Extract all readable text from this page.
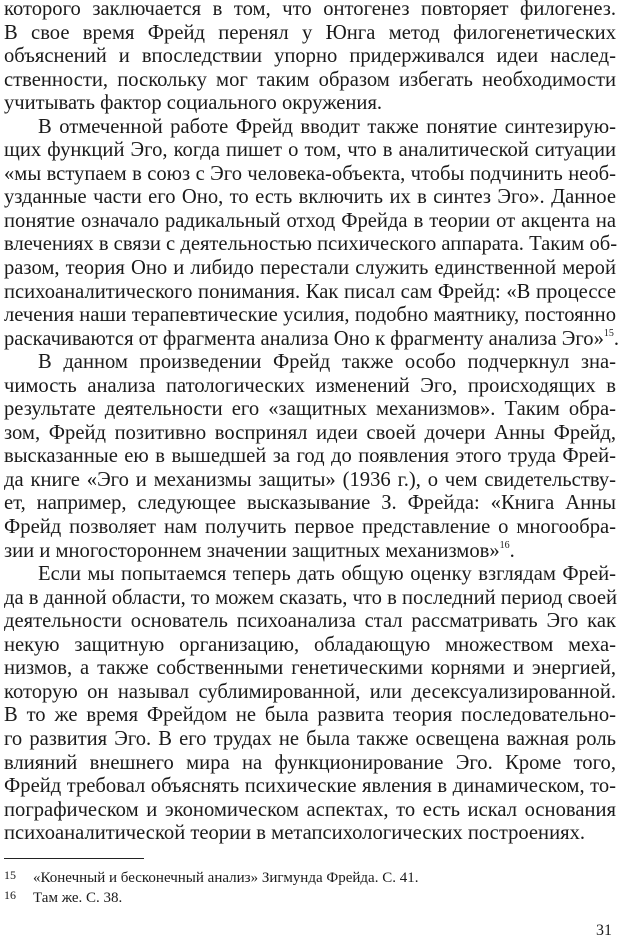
которого заключается в том, что онтогенез повторяет филогенез.
В свое время Фрейд перенял у Юнга метод филогенетических
объяснений и впоследствии упорно придерживался идеи наслед-
ственности, поскольку мог таким образом избегать необходимости
учитывать фактор социального окружения.
В отмеченной работе Фрейд вводит также понятие синтезирую-
щих функций Эго, когда пишет о том, что в аналитической ситуации
«мы вступаем в союз с Эго человека-объекта, чтобы подчинить необ-
узданные части его Оно, то есть включить их в синтез Эго». Данное
понятие означало радикальный отход Фрейда в теории от акцента на
влечениях в связи с деятельностью психического аппарата. Таким об-
разом, теория Оно и либидо перестали служить единственной мерой
психоаналитического понимания. Как писал сам Фрейд: «В процессе
лечения наши терапевтические усилия, подобно маятнику, постоянно
раскачиваются от фрагмента анализа Оно к фрагменту анализа Эго»$^{15}$.
В данном произведении Фрейд также особо подчеркнул зна-
чимость анализа патологических изменений Эго, происходящих в
результате деятельности его «защитных механизмов». Таким обра-
зом, Фрейд позитивно воспринял идеи своей дочери Анны Фрейд,
высказанные ею в вышедшей за год до появления этого труда Фрей-
да книге «Эго и механизмы защиты» (1936 г.), о чем свидетельству-
ет, например, следующее высказывание З. Фрейда: «Книга Анны
Фрейд позволяет нам получить первое представление о многообра-
зии и многостороннем значении защитных механизмов»$^{16}$.
Если мы попытаемся теперь дать общую оценку взглядам Фрей-
да в данной области, то можем сказать, что в последний период своей
деятельности основатель психоанализа стал рассматривать Эго как
некую защитную организацию, обладающую множеством меха-
низмов, а также собственными генетическими корнями и энергией,
которую он называл сублимированной, или десексуализированной.
В то же время Фрейдом не была развита теория последовательно-
го развития Эго. В его трудах не была также освещена важная роль
влияний внешнего мира на функционирование Эго. Кроме того,
Фрейд требовал объяснять психические явления в динамическом, то-
пографическом и экономическом аспектах, то есть искал основания
психоаналитической теории в метапсихологических построениях.
15 «Конечный и бесконечный анализ» Зигмунда Фрейда. С. 41.
16 Там же. С. 38.
31
